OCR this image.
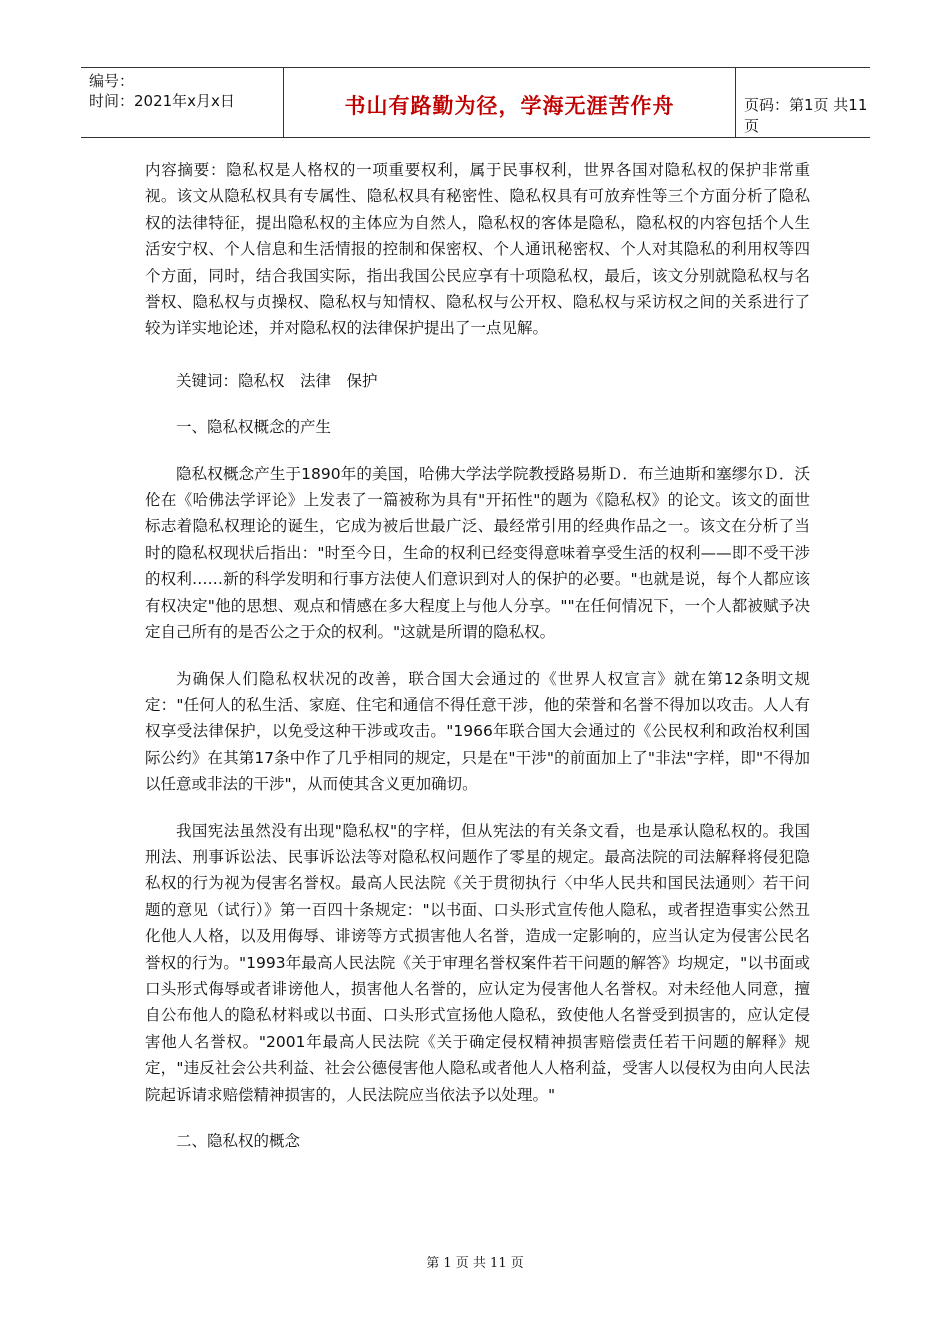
编号：
时间：2021年x月x日	书山有路勤为径，学海无涯苦作舟	页码：第1页 共11页

内容摘要：隐私权是人格权的一项重要权利，属于民事权利，世界各国对隐私权的保护非常重视。该文从隐私权具有专属性、隐私权具有秘密性、隐私权具有可放弃性等三个方面分析了隐私权的法律特征，提出隐私权的主体应为自然人，隐私权的客体是隐私，隐私权的内容包括个人生活安宁权、个人信息和生活情报的控制和保密权、个人通讯秘密权、个人对其隐私的利用权等四个方面，同时，结合我国实际，指出我国公民应享有十项隐私权，最后，该文分别就隐私权与名誉权、隐私权与贞操权、隐私权与知情权、隐私权与公开权、隐私权与采访权之间的关系进行了较为详实地论述，并对隐私权的法律保护提出了一点见解。

关键词：隐私权　法律　保护

一、隐私权概念的产生

隐私权概念产生于1890年的美国，哈佛大学法学院教授路易斯Ｄ．布兰迪斯和塞缪尔Ｄ．沃伦在《哈佛法学评论》上发表了一篇被称为具有"开拓性"的题为《隐私权》的论文。该文的面世标志着隐私权理论的诞生，它成为被后世最广泛、最经常引用的经典作品之一。该文在分析了当时的隐私权现状后指出："时至今日，生命的权利已经变得意味着享受生活的权利——即不受干涉的权利……新的科学发明和行事方法使人们意识到对人的保护的必要。"也就是说，每个人都应该有权决定"他的思想、观点和情感在多大程度上与他人分享。""在任何情况下，一个人都被赋予决定自己所有的是否公之于众的权利。"这就是所谓的隐私权。

为确保人们隐私权状况的改善，联合国大会通过的《世界人权宣言》就在第12条明文规定："任何人的私生活、家庭、住宅和通信不得任意干涉，他的荣誉和名誉不得加以攻击。人人有权享受法律保护，以免受这种干涉或攻击。"1966年联合国大会通过的《公民权利和政治权利国际公约》在其第17条中作了几乎相同的规定，只是在"干涉"的前面加上了"非法"字样，即"不得加以任意或非法的干涉"，从而使其含义更加确切。

我国宪法虽然没有出现"隐私权"的字样，但从宪法的有关条文看，也是承认隐私权的。我国刑法、刑事诉讼法、民事诉讼法等对隐私权问题作了零星的规定。最高法院的司法解释将侵犯隐私权的行为视为侵害名誉权。最高人民法院《关于贯彻执行〈中华人民共和国民法通则〉若干问题的意见（试行）》第一百四十条规定："以书面、口头形式宣传他人隐私，或者捏造事实公然丑化他人人格，以及用侮辱、诽谤等方式损害他人名誉，造成一定影响的，应当认定为侵害公民名誉权的行为。"1993年最高人民法院《关于审理名誉权案件若干问题的解答》均规定，"以书面或口头形式侮辱或者诽谤他人，损害他人名誉的，应认定为侵害他人名誉权。对未经他人同意，擅自公布他人的隐私材料或以书面、口头形式宣扬他人隐私，致使他人名誉受到损害的，应认定侵害他人名誉权。"2001年最高人民法院《关于确定侵权精神损害赔偿责任若干问题的解释》规定，"违反社会公共利益、社会公德侵害他人隐私或者他人人格利益，受害人以侵权为由向人民法院起诉请求赔偿精神损害的，人民法院应当依法予以处理。"

二、隐私权的概念

第 1 页 共 11 页
